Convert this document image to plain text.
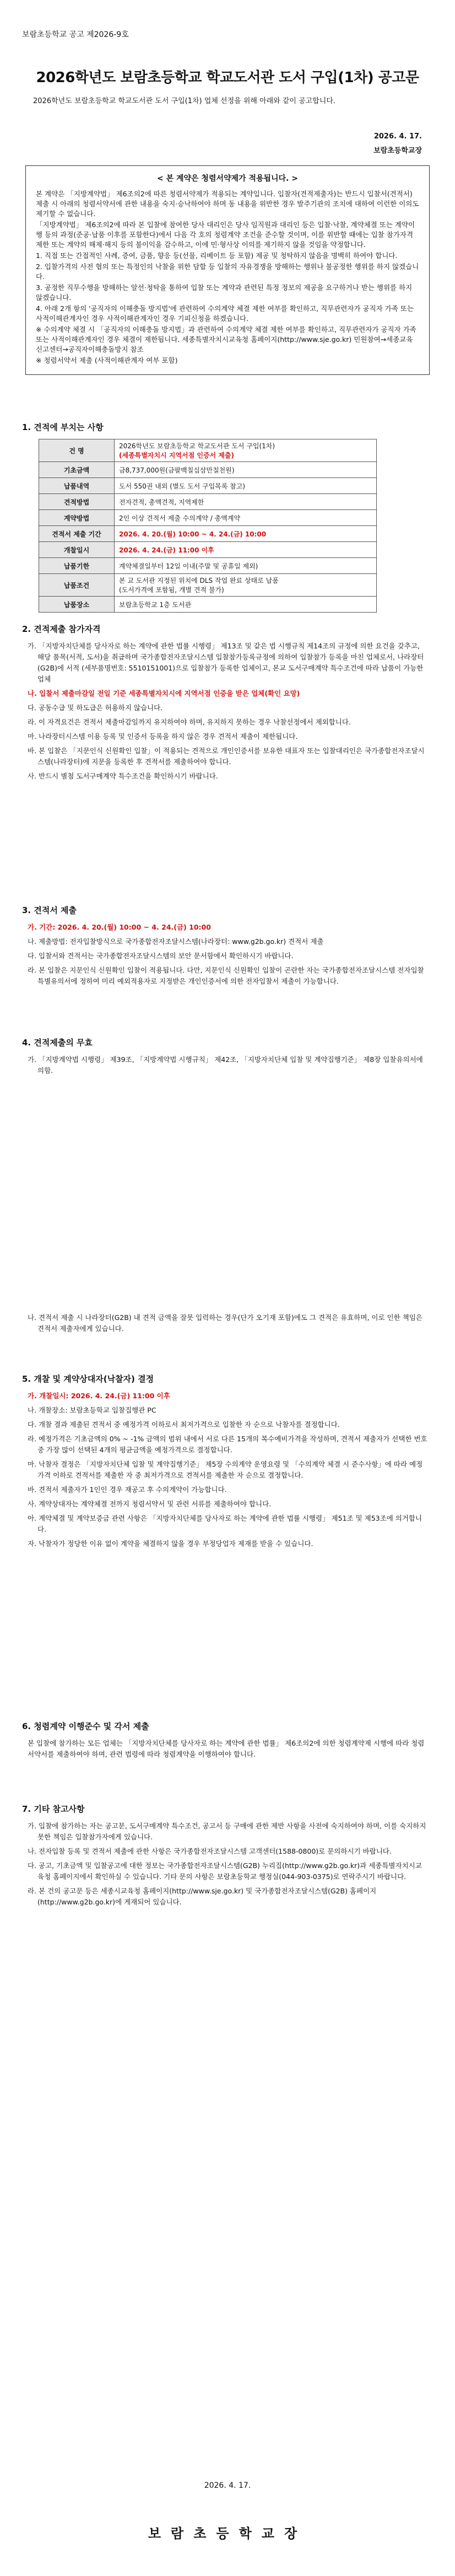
보람초등학교 공고 제2026-9호
2026학년도 보람초등학교 학교도서관 도서 구입(1차) 공고문
2026학년도 보람초등학교 학교도서관 도서 구입(1차) 업체 선정을 위해 아래와 같이 공고합니다.
2026. 4. 17.
보람초등학교장
< 본 계약은 청렴서약제가 적용됩니다. >
본 계약은 「지방계약법」 제6조의2에 따른 청렴서약제가 적용되는 계약입니다. 입찰자(견적제출자)는 반드시 입찰서(견적서) 제출 시 아래의 청렴서약서에 관한 내용을 숙지·승낙하여야 하며 동 내용을 위반한 경우 발주기관의 조치에 대하여 이런한 이의도 제기할 수 없습니다.
「지방계약법」 제6조의2에 따라 본 입찰에 참여한 당사 대리인은 당사 임직원과 대리인 등은 입찰·낙찰, 계약체결 또는 계약이행 등의 과정(준공·납품 이후를 포함한다)에서 다음 각 호의 청렴계약 조건을 준수할 것이며, 이를 위반할 때에는 입찰 참가자격 제한 또는 계약의 해제·해지 등의 불이익을 감수하고, 이에 민·형사상 이의를 제기하지 않을 것임을 약정합니다.
1. 직접 또는 간접적인 사례, 증여, 금품, 향응 등(선물, 리베이트 등 포함) 제공 및 청탁하지 않음을 명백히 하여야 합니다.
2. 입찰가격의 사전 협의 또는 특정인의 낙찰을 위한 담합 등 입찰의 자유경쟁을 방해하는 행위나 불공정한 행위를 하지 않겠습니다.
3. 공정한 직무수행을 방해하는 알선·청탁을 통하여 입찰 또는 계약과 관련된 특정 정보의 제공을 요구하거나 받는 행위를 하지 않겠습니다.
4. 아래 2개 항의 '공직자의 이해충돌 방지법'에 관련하여 수의계약 체결 제한 여부를 확인하고, 직무관련자가 공직자 가족 또는 사적이해관계자인 경우 사적이해관계자인 경우 기피신청을 하겠습니다.
※ 수의계약 체결 시 「공직자의 이해충돌 방지법」과 관련하여 수의계약 체결 제한 여부를 확인하고, 직무관련자가 공직자 가족 또는 사적이해관계자인 경우 체결이 제한됩니다. 세종특별자치시교육청 홈페이지(http://www.sje.go.kr) 민원참여→세종교육신고센터→공직자이해충돌방지 참조
※ 청렴서약서 제출 (사적이해관계자 여부 포함)
1. 견적에 부치는 사항
건 명	2026학년도 보람초등학교 학교도서관 도서 구입(1차)
(세종특별자치시 지역서점 인증서 제출)

기초금액	금8,737,000원(금팔백칠십삼만칠천원)
납품내역	도서 550권 내외 (별도 도서 구입목록 참고)
견적방법	전자견적, 총액견적, 지역제한
계약방법	2인 이상 견적서 제출 수의계약 / 총액계약
견적서 제출 기간	2026. 4. 20.(월) 10:00 ~ 4. 24.(금) 10:00
개찰일시	2026. 4. 24.(금) 11:00 이후
납품기한	계약체결일부터 12일 이내(주말 및 공휴일 제외)
납품조건	본 교 도서관 지정된 위치에 DLS 작업 완료 상태로 납품
(도서가격에 포함됨, 개별 견적 불가)

납품장소	보람초등학교 1층 도서관
2. 견적제출 참가자격

가. 「지방자치단체를 당사자로 하는 계약에 관한 법률 시행령」 제13조 및 같은 법 시행규칙 제14조의 규정에 의한 요건을 갖추고, 해당 품목(서적, 도서)을 취급하며 국가종합전자조달시스템 입찰참가등록규정에 의하여 입찰참가 등록을 마친 업체로서, 나라장터(G2B)에 서적 (세부품명번호: 5510151001)으로 입찰참가 등록한 업체이고, 본교 도서구매계약 특수조건에 따라 납품이 가능한 업체

나. 입찰서 제출마감일 전일 기준 세종특별자치시에 지역서점 인증을 받은 업체(확인 요망)

다. 공동수급 및 하도급은 허용하지 않습니다.

라. 이 자격요건은 견적서 제출마감일까지 유지하여야 하며, 유지하지 못하는 경우 낙찰선정에서 제외합니다.

마. 나라장터시스템 이용 등록 및 인증서 등록을 하지 않은 경우 견적서 제출이 제한됩니다.

바. 본 입찰은 「지문인식 신원확인 입찰」이 적용되는 견적으로 개인인증서를 보유한 대표자 또는 입찰대리인은 국가종합전자조달시스템(나라장터)에 지문을 등록한 후 견적서를 제출하여야 합니다.

사. 반드시 별첨 도서구매계약 특수조건을 확인하시기 바랍니다.

3. 견적서 제출

가. 기간: 2026. 4. 20.(월) 10:00 ~ 4. 24.(금) 10:00

나. 제출방법: 전자입찰방식으로 국가종합전자조달시스템(나라장터: www.g2b.go.kr) 견적서 제출

다. 입찰서와 견적서는 국가종합전자조달시스템의 보안 문서함에서 확인하시기 바랍니다.

라. 본 입찰은 지문인식 신원확인 입찰이 적용됩니다. 다만, 지문인식 신원확인 입찰이 곤란한 자는 국가종합전자조달시스템 전자입찰특별유의서에 정하여 미리 예외적용자로 지정받은 개인인증서에 의한 전자입찰서 제출이 가능합니다.

4. 견적제출의 무효

가. 「지방계약법 시행령」 제39조, 「지방계약법 시행규칙」 제42조, 「지방자치단체 입찰 및 계약집행기준」 제8장 입찰유의서에 의함.

나. 견적서 제출 시 나라장터(G2B) 내 견적 금액을 잘못 입력하는 경우(단가 오기재 포함)에도 그 견적은 유효하며, 이로 인한 책임은 견적서 제출자에게 있습니다.

5. 개찰 및 계약상대자(낙찰자) 결정

가. 개찰일시: 2026. 4. 24.(금) 11:00 이후

나. 개찰장소: 보람초등학교 입찰집행관 PC

다. 개찰 결과 제출된 견적서 중 예정가격 이하로서 최저가격으로 입찰한 자 순으로 낙찰자를 결정합니다.

라. 예정가격은 기초금액의 0% ~ -1% 금액의 범위 내에서 서로 다른 15개의 복수예비가격을 작성하며, 견적서 제출자가 선택한 번호 중 가장 많이 선택된 4개의 평균금액을 예정가격으로 결정합니다.

마. 낙찰자 결정은 「지방자치단체 입찰 및 계약집행기준」 제5장 수의계약 운영요령 및 「수의계약 체결 시 준수사항」에 따라 예정가격 이하로 견적서를 제출한 자 중 최저가격으로 견적서를 제출한 자 순으로 결정합니다.

바. 견적서 제출자가 1인인 경우 재공고 후 수의계약이 가능합니다.

사. 계약상대자는 계약체결 전까지 청렴서약서 및 관련 서류를 제출하여야 합니다.

아. 계약체결 및 계약보증금 관련 사항은 「지방자치단체를 당사자로 하는 계약에 관한 법률 시행령」 제51조 및 제53조에 의거합니다.

자. 낙찰자가 정당한 이유 없이 계약을 체결하지 않을 경우 부정당업자 제재를 받을 수 있습니다.

6. 청렴계약 이행준수 및 각서 제출

본 입찰에 참가하는 모든 업체는 「지방자치단체를 당사자로 하는 계약에 관한 법률」 제6조의2에 의한 청렴계약제 시행에 따라 청렴서약서를 제출하여야 하며, 관련 법령에 따라 청렴계약을 이행하여야 합니다.

7. 기타 참고사항

가. 입찰에 참가하는 자는 공고문, 도서구매계약 특수조건, 공고서 등 구매에 관한 제반 사항을 사전에 숙지하여야 하며, 이를 숙지하지 못한 책임은 입찰참가자에게 있습니다.

나. 전자입찰 등록 및 견적서 제출에 관한 사항은 국가종합전자조달시스템 고객센터(1588-0800)로 문의하시기 바랍니다.

다. 공고, 기초금액 및 입찰공고에 대한 정보는 국가종합전자조달시스템(G2B) 누리집(http://www.g2b.go.kr)과 세종특별자치시교육청 홈페이지에서 확인하실 수 있습니다. 기타 문의 사항은 보람초등학교 행정실(044-903-0375)로 연락주시기 바랍니다.

라. 본 건의 공고문 등은 세종시교육청 홈페이지(http://www.sje.go.kr) 및 국가종합전자조달시스템(G2B) 홈페이지(http://www.g2b.go.kr)에 게재되어 있습니다.

2026. 4. 17.
보람초등학교장
